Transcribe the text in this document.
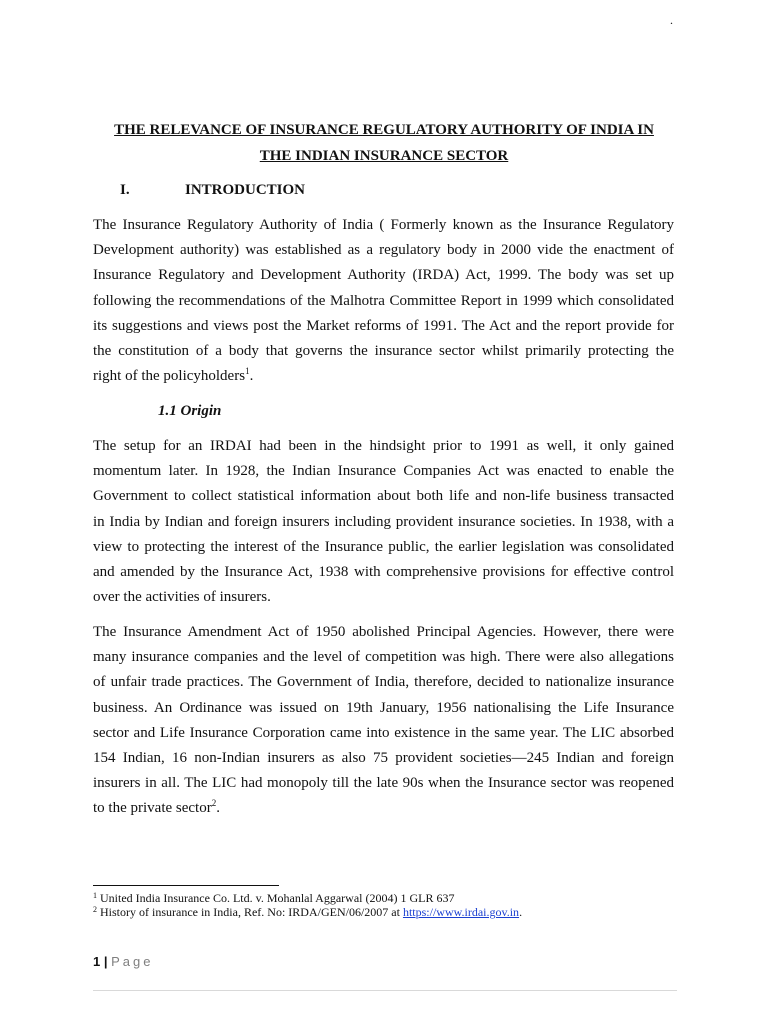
.
THE RELEVANCE OF INSURANCE REGULATORY AUTHORITY OF INDIA IN
THE INDIAN INSURANCE SECTOR
I.	INTRODUCTION
The Insurance Regulatory Authority of India ( Formerly known as the Insurance Regulatory
Development authority) was established as a regulatory body in 2000 vide the enactment of
Insurance Regulatory and Development Authority (IRDA) Act, 1999. The body was set up
following the recommendations of the Malhotra Committee Report in 1999 which consolidated
its suggestions and views post the Market reforms of 1991. The Act and the report provide for
the constitution of a body that governs the insurance sector whilst primarily protecting the
right of the policyholders$^1$.
1.1 Origin
The setup for an IRDAI had been in the hindsight prior to 1991 as well, it only gained
momentum later. In 1928, the Indian Insurance Companies Act was enacted to enable the
Government to collect statistical information about both life and non-life business transacted
in India by Indian and foreign insurers including provident insurance societies. In 1938, with a
view to protecting the interest of the Insurance public, the earlier legislation was consolidated
and amended by the Insurance Act, 1938 with comprehensive provisions for effective control
over the activities of insurers.
The Insurance Amendment Act of 1950 abolished Principal Agencies. However, there were
many insurance companies and the level of competition was high. There were also allegations
of unfair trade practices. The Government of India, therefore, decided to nationalize insurance
business. An Ordinance was issued on 19th January, 1956 nationalising the Life Insurance
sector and Life Insurance Corporation came into existence in the same year. The LIC absorbed
154 Indian, 16 non-Indian insurers as also 75 provident societies—245 Indian and foreign
insurers in all. The LIC had monopoly till the late 90s when the Insurance sector was reopened
to the private sector$^2$.
$^1$ United India Insurance Co. Ltd. v. Mohanlal Aggarwal (2004) 1 GLR 637
$^2$ History of insurance in India, Ref. No: IRDA/GEN/06/2007 at https://www.irdai.gov.in.
1 | Page
